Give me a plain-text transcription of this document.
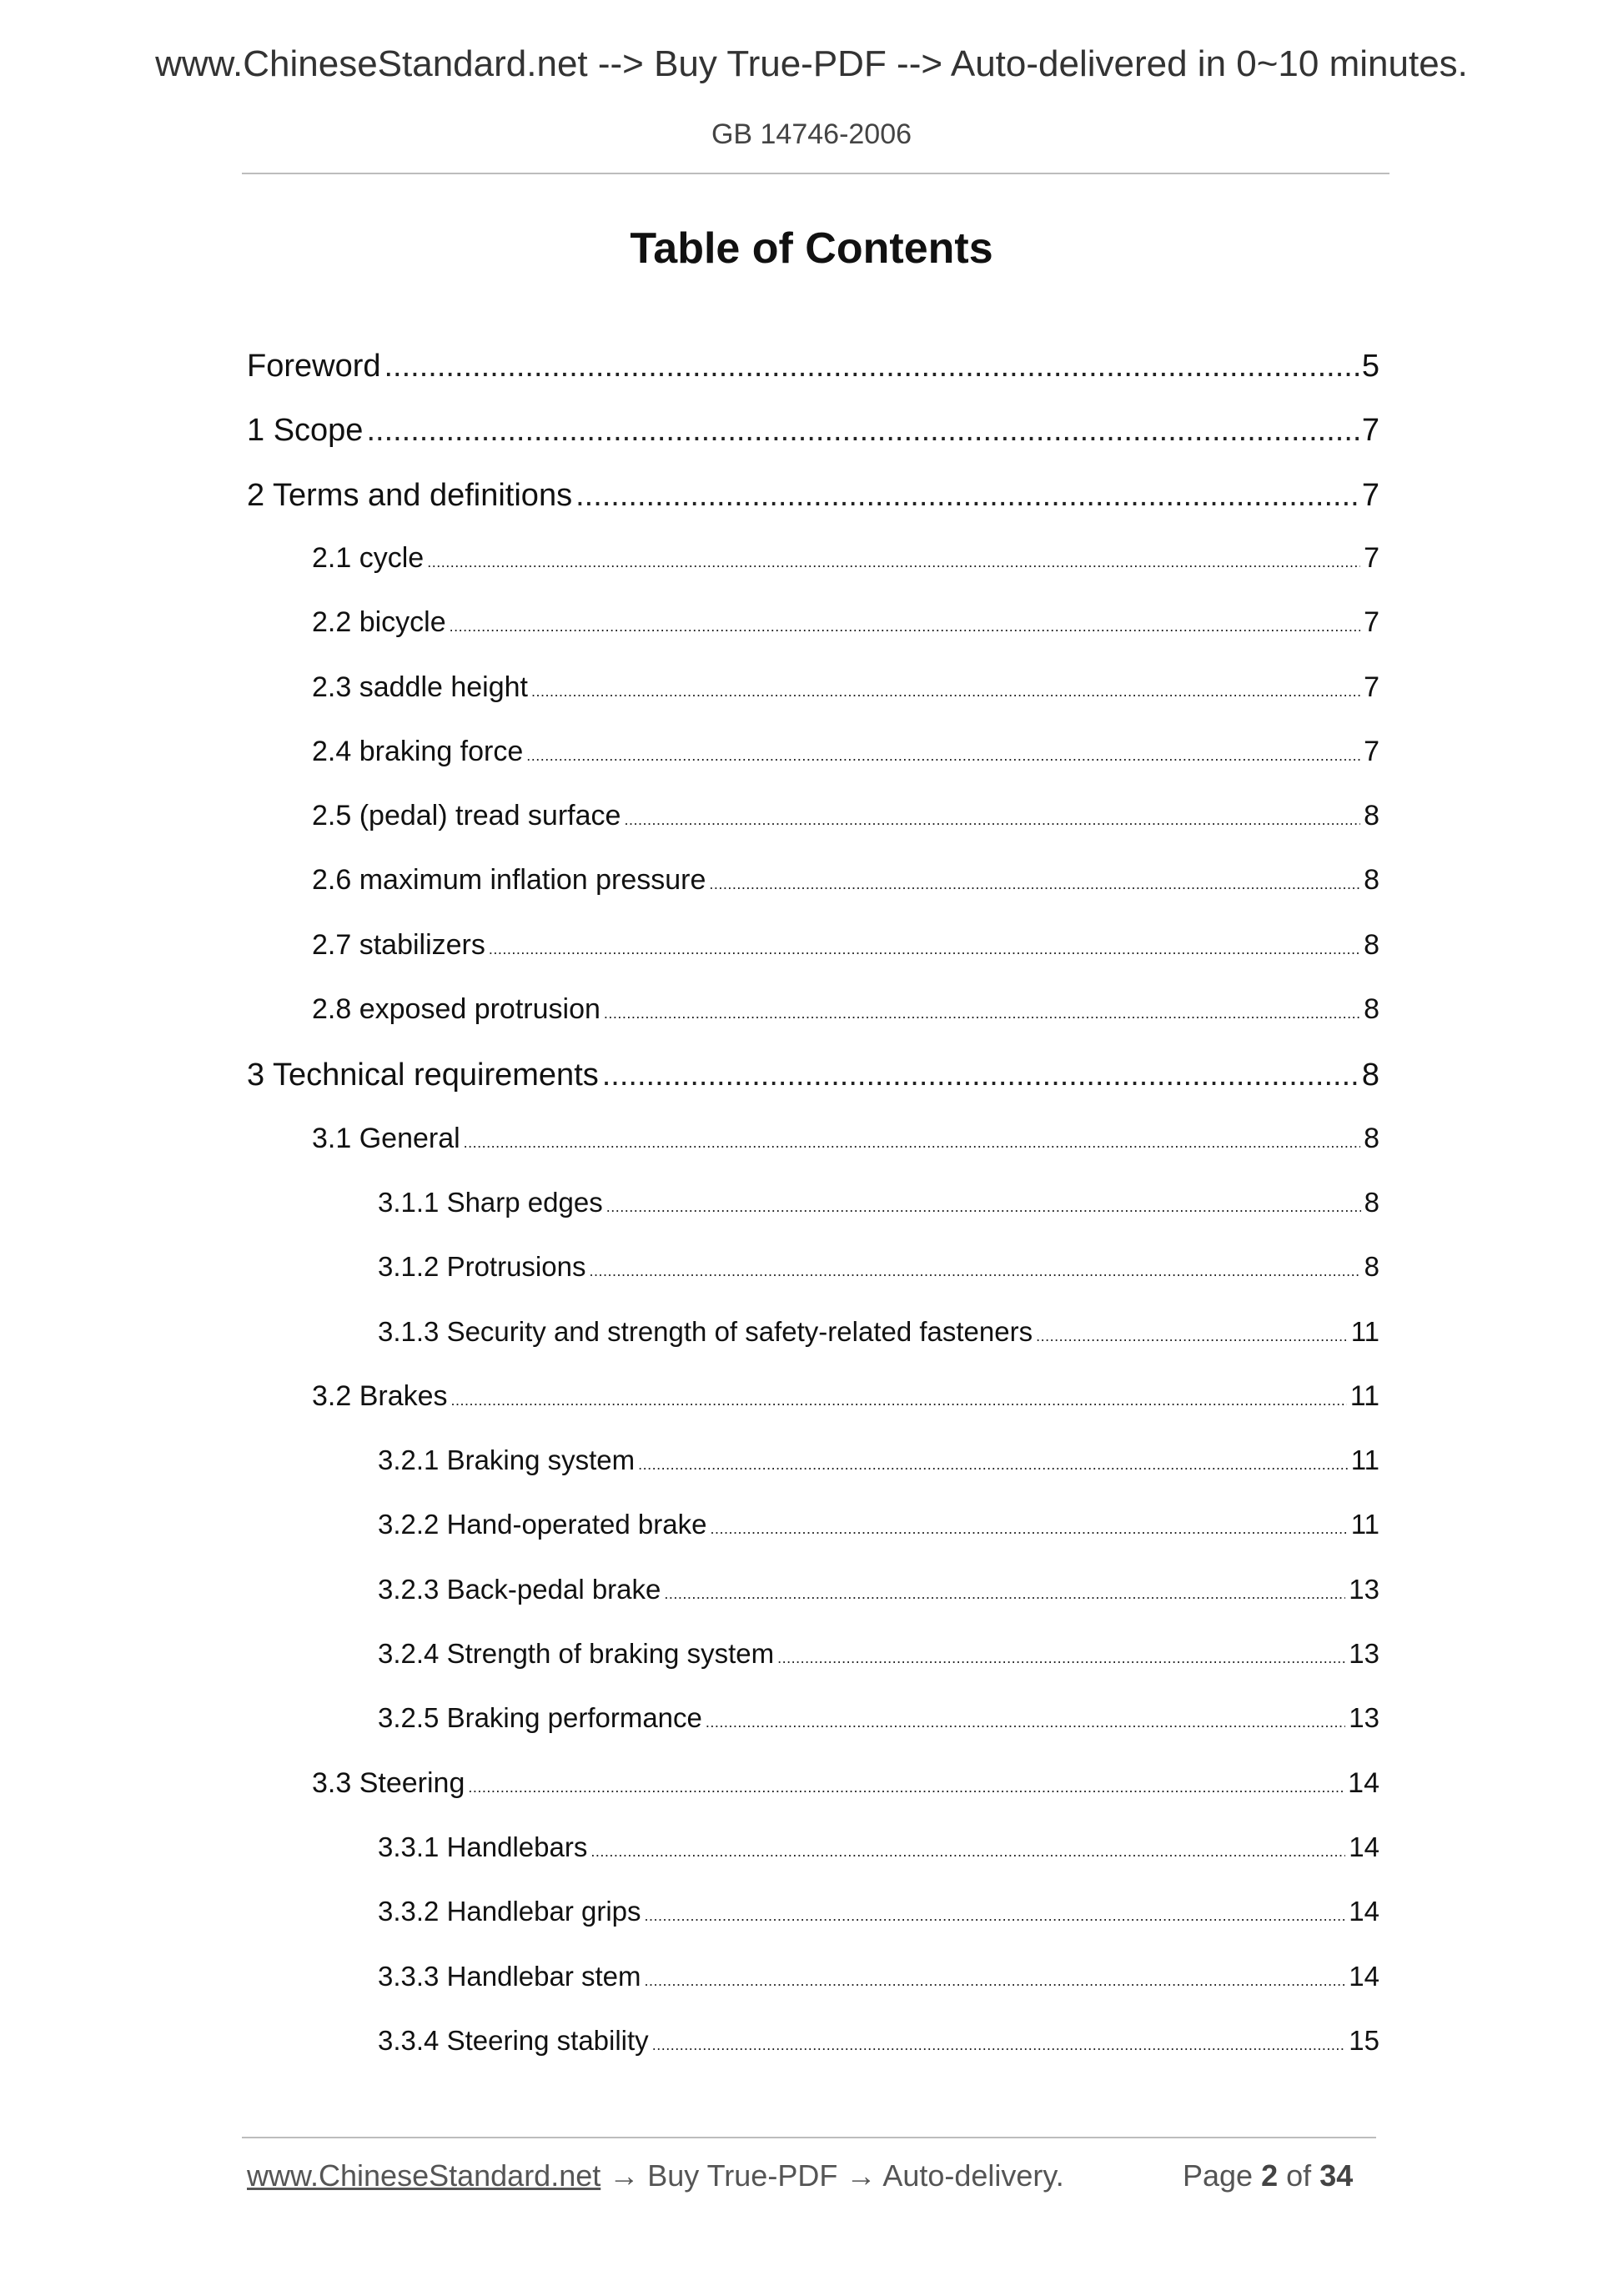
www.ChineseStandard.net --> Buy True-PDF --> Auto-delivered in 0~10 minutes.
GB 14746-2006
Table of Contents
Foreword .....	5
1 Scope .....	7
2 Terms and definitions .....	7
2.1 cycle .....	7
2.2 bicycle .....	7
2.3 saddle height .....	7
2.4 braking force .....	7
2.5 (pedal) tread surface .....	8
2.6 maximum inflation pressure .....	8
2.7 stabilizers .....	8
2.8 exposed protrusion .....	8
3 Technical requirements .....	8
3.1 General .....	8
3.1.1 Sharp edges .....	8
3.1.2 Protrusions .....	8
3.1.3 Security and strength of safety-related fasteners .....	11
3.2 Brakes .....	11
3.2.1 Braking system .....	11
3.2.2 Hand-operated brake .....	11
3.2.3 Back-pedal brake .....	13
3.2.4 Strength of braking system .....	13
3.2.5 Braking performance .....	13
3.3 Steering .....	14
3.3.1 Handlebars .....	14
3.3.2 Handlebar grips .....	14
3.3.3 Handlebar stem .....	14
3.3.4 Steering stability .....	15
www.ChineseStandard.net → Buy True-PDF → Auto-delivery.	Page 2 of 34
